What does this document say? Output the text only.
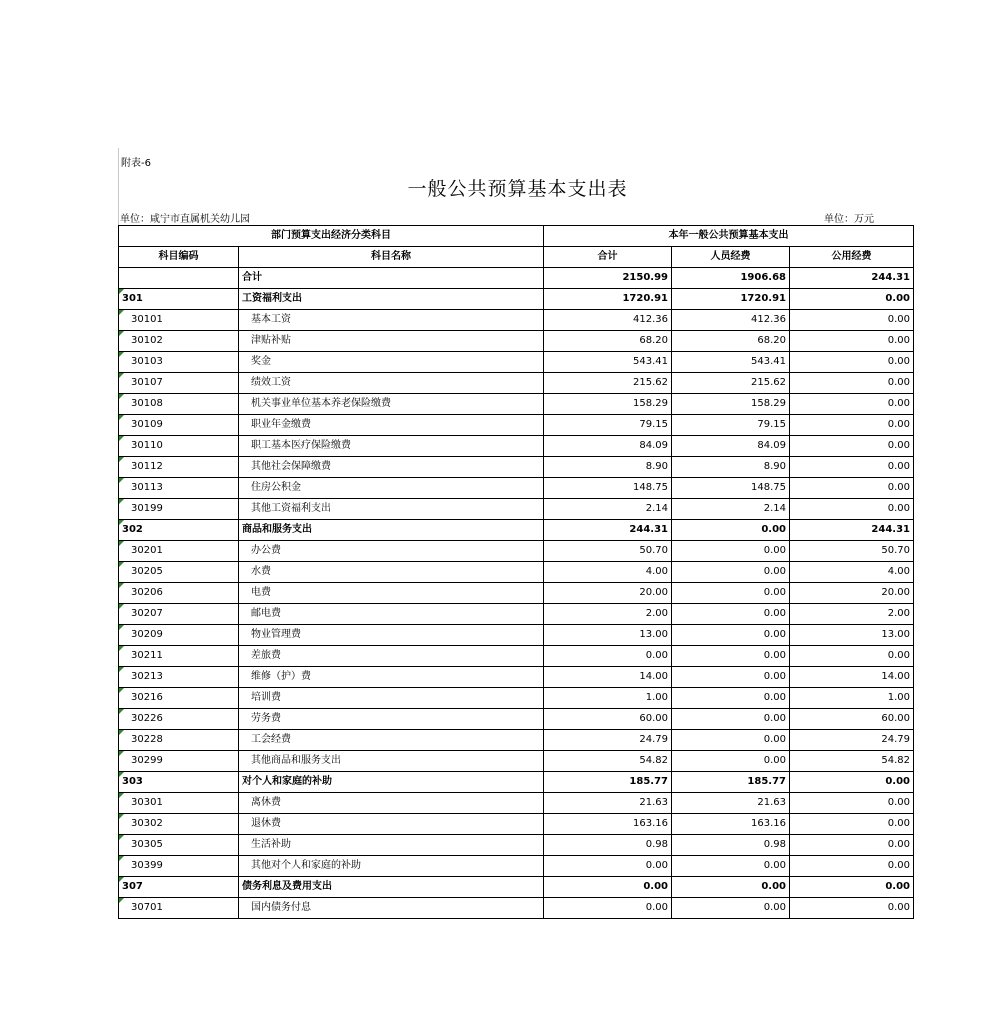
附表-6
一般公共预算基本支出表
单位：咸宁市直属机关幼儿园	单位：万元
部门预算支出经济分类科目		本年一般公共预算基本支出		
科目编码	科目名称	合计	人员经费	公用经费
	合计	2150.99	1906.68	244.31
301	工资福利支出	1720.91	1720.91	0.00
30101	基本工资	412.36	412.36	0.00
30102	津贴补贴	68.20	68.20	0.00
30103	奖金	543.41	543.41	0.00
30107	绩效工资	215.62	215.62	0.00
30108	机关事业单位基本养老保险缴费	158.29	158.29	0.00
30109	职业年金缴费	79.15	79.15	0.00
30110	职工基本医疗保险缴费	84.09	84.09	0.00
30112	其他社会保障缴费	8.90	8.90	0.00
30113	住房公积金	148.75	148.75	0.00
30199	其他工资福利支出	2.14	2.14	0.00
302	商品和服务支出	244.31	0.00	244.31
30201	办公费	50.70	0.00	50.70
30205	水费	4.00	0.00	4.00
30206	电费	20.00	0.00	20.00
30207	邮电费	2.00	0.00	2.00
30209	物业管理费	13.00	0.00	13.00
30211	差旅费	0.00	0.00	0.00
30213	维修（护）费	14.00	0.00	14.00
30216	培训费	1.00	0.00	1.00
30226	劳务费	60.00	0.00	60.00
30228	工会经费	24.79	0.00	24.79
30299	其他商品和服务支出	54.82	0.00	54.82
303	对个人和家庭的补助	185.77	185.77	0.00
30301	离休费	21.63	21.63	0.00
30302	退休费	163.16	163.16	0.00
30305	生活补助	0.98	0.98	0.00
30399	其他对个人和家庭的补助	0.00	0.00	0.00
307	债务利息及费用支出	0.00	0.00	0.00
30701	国内债务付息	0.00	0.00	0.00
